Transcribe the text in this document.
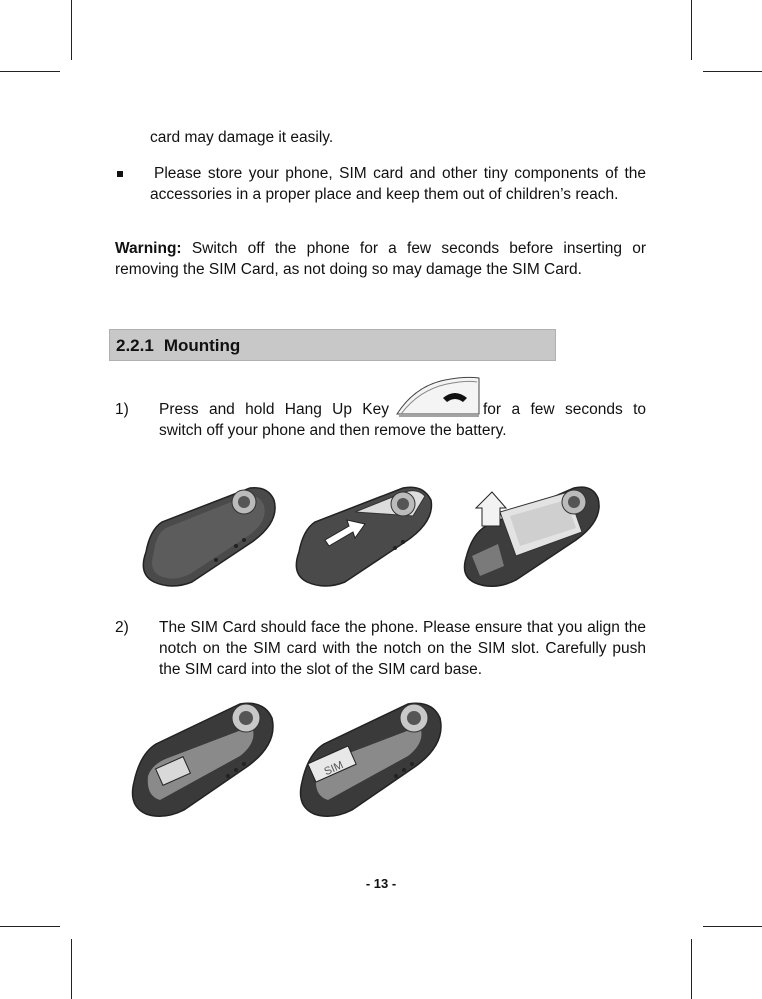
card may damage it easily.
Please store your phone, SIM card and other tiny components of the accessories in a proper place and keep them out of children’s reach.
Warning: Switch off the phone for a few seconds before inserting or removing the SIM Card, as not doing so may damage the SIM Card.
2.2.1 Mounting
1) Press and hold Hang Up Key	for a few seconds to
switch off your phone and then remove the battery.
2) The SIM Card should face the phone. Please ensure that you align the notch on the SIM card with the notch on the SIM slot. Carefully push the SIM card into the slot of the SIM card base.
SIM
- 13 -
